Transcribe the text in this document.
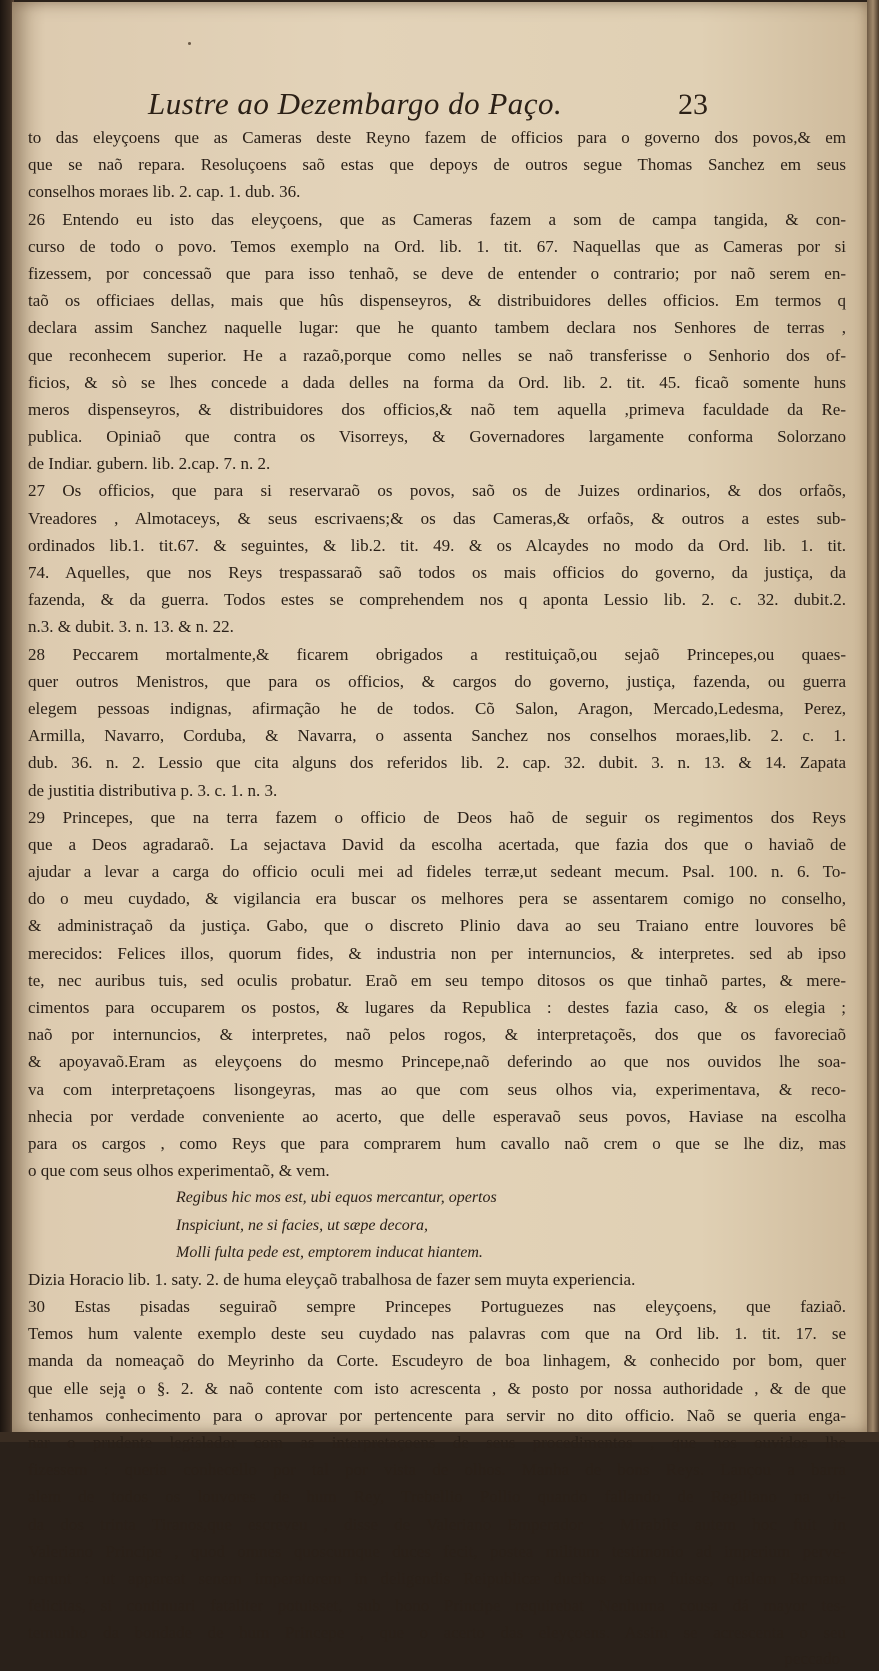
Lustre ao Dezembargo do Paço.	23
to das eleyçoens que as Cameras deste Reyno fazem de officios para o governo dos povos,& em
que se naõ repara. Resoluçoens saõ estas que depoys de outros segue Thomas Sanchez em seus
conselhos moraes lib. 2. cap. 1. dub. 36.
26 Entendo eu isto das eleyçoens, que as Cameras fazem a som de campa tangida, & con-
curso de todo o povo. Temos exemplo na Ord. lib. 1. tit. 67. Naquellas que as Cameras por si
fizessem, por concessaõ que para isso tenhaõ, se deve de entender o contrario; por naõ serem en-
taõ os officiaes dellas, mais que hûs dispenseyros, & distribuidores delles officios. Em termos q
declara assim Sanchez naquelle lugar: que he quanto tambem declara nos Senhores de terras ,
que reconhecem superior. He a razaõ,porque como nelles se naõ transferisse o Senhorio dos of-
ficios, & sò se lhes concede a dada delles na forma da Ord. lib. 2. tit. 45. ficaõ somente huns
meros dispenseyros, & distribuidores dos officios,& naõ tem aquella ,primeva faculdade da Re-
publica. Opiniaõ que contra os Visorreys, & Governadores largamente conforma Solorzano
de Indiar. gubern. lib. 2.cap. 7. n. 2.
27 Os officios, que para si reservaraõ os povos, saõ os de Juizes ordinarios, & dos orfaõs,
Vreadores , Almotaceys, & seus escrivaens;& os das Cameras,& orfaõs, & outros a estes sub-
ordinados lib.1. tit.67. & seguintes, & lib.2. tit. 49. & os Alcaydes no modo da Ord. lib. 1. tit.
74. Aquelles, que nos Reys trespassaraõ saõ todos os mais officios do governo, da justiça, da
fazenda, & da guerra. Todos estes se comprehendem nos q aponta Lessio lib. 2. c. 32. dubit.2.
n.3. & dubit. 3. n. 13. & n. 22.
28 Peccarem mortalmente,& ficarem obrigados a restituiçaõ,ou sejaõ Princepes,ou quaes-
quer outros Menistros, que para os officios, & cargos do governo, justiça, fazenda, ou guerra
elegem pessoas indignas, afirmação he de todos. Cõ Salon, Aragon, Mercado,Ledesma, Perez,
Armilla, Navarro, Corduba, & Navarra, o assenta Sanchez nos conselhos moraes,lib. 2. c. 1.
dub. 36. n. 2. Lessio que cita alguns dos referidos lib. 2. cap. 32. dubit. 3. n. 13. & 14. Zapata
de justitia distributiva p. 3. c. 1. n. 3.
29 Princepes, que na terra fazem o officio de Deos haõ de seguir os regimentos dos Reys
que a Deos agradaraõ. La sejactava David da escolha acertada, que fazia dos que o haviaõ de
ajudar a levar a carga do officio oculi mei ad fideles terræ,ut sedeant mecum. Psal. 100. n. 6. To-
do o meu cuydado, & vigilancia era buscar os melhores pera se assentarem comigo no conselho,
& administraçaõ da justiça. Gabo, que o discreto Plinio dava ao seu Traiano entre louvores bê
merecidos: Felices illos, quorum fides, & industria non per internuncios, & interpretes. sed ab ipso
te, nec auribus tuis, sed oculis probatur. Eraõ em seu tempo ditosos os que tinhaõ partes, & mere-
cimentos para occuparem os postos, & lugares da Republica : destes fazia caso, & os elegia ;
naõ por internuncios, & interpretes, naõ pelos rogos, & interpretaçoẽs, dos que os favoreciaõ
& apoyavaõ.Eram as eleyçoens do mesmo Princepe,naõ deferindo ao que nos ouvidos lhe soa-
va com interpretaçoens lisongeyras, mas ao que com seus olhos via, experimentava, & reco-
nhecia por verdade conveniente ao acerto, que delle esperavaõ seus povos, Haviase na escolha
para os cargos , como Reys que para comprarem hum cavallo naõ crem o que se lhe diz, mas
o que com seus olhos experimentaõ, & vem.
Regibus hic mos est, ubi equos mercantur, opertos
Inspiciunt, ne si facies, ut sæpe decora,
Molli fulta pede est, emptorem inducat hiantem.
Dizia Horacio lib. 1. saty. 2. de huma eleyçaõ trabalhosa de fazer sem muyta experiencia.
30 Estas pisadas seguiraõ sempre Princepes Portuguezes nas eleyçoens, que faziaõ.
Temos hum valente exemplo deste seu cuydado nas palavras com que na Ord lib. 1. tit. 17. se
manda da nomeaçaõ do Meyrinho da Corte. Escudeyro de boa linhagem, & conhecido por bom, quer
que elle seja o §. 2. & naõ contente com isto acrescenta , & posto por nossa authoridade , & de que
tenhamos conhecimento para o aprovar por pertencente para servir no dito officio. Naõ se queria enga-
nar o prudente legislador com as interpretaçoens de seus procedimentos , que nos ouvidos lhe
fizessem : queria conhecello por tal por vista de olhos. Manha de bons Reys. Lançou a barra
alem de todos os louvores de hum Rey, Trebellio Pollio quando fallando de Regiliano na vi-
da dos trinta Tiranos,que escreveu , disse de Valeriano Emperador : Mirabile autem hoc fuit in
Valeriano Principe , quod omnes quoscumque duces fecit, postea militum testimonio ad imperium perve-
nerunt : ut appareat senem imperatorem in deligendis Reipublicæ ducibus talem fuisse, qualem Romana
felicitas, si continuari fataliter potuisset, sub bono Principe requirebat Nenhuma cousa dá mayor tes-
temunho da bondade de hum Princepe , que o acerto das eleyçoens. Assim se acrescenta o seu
peccado
